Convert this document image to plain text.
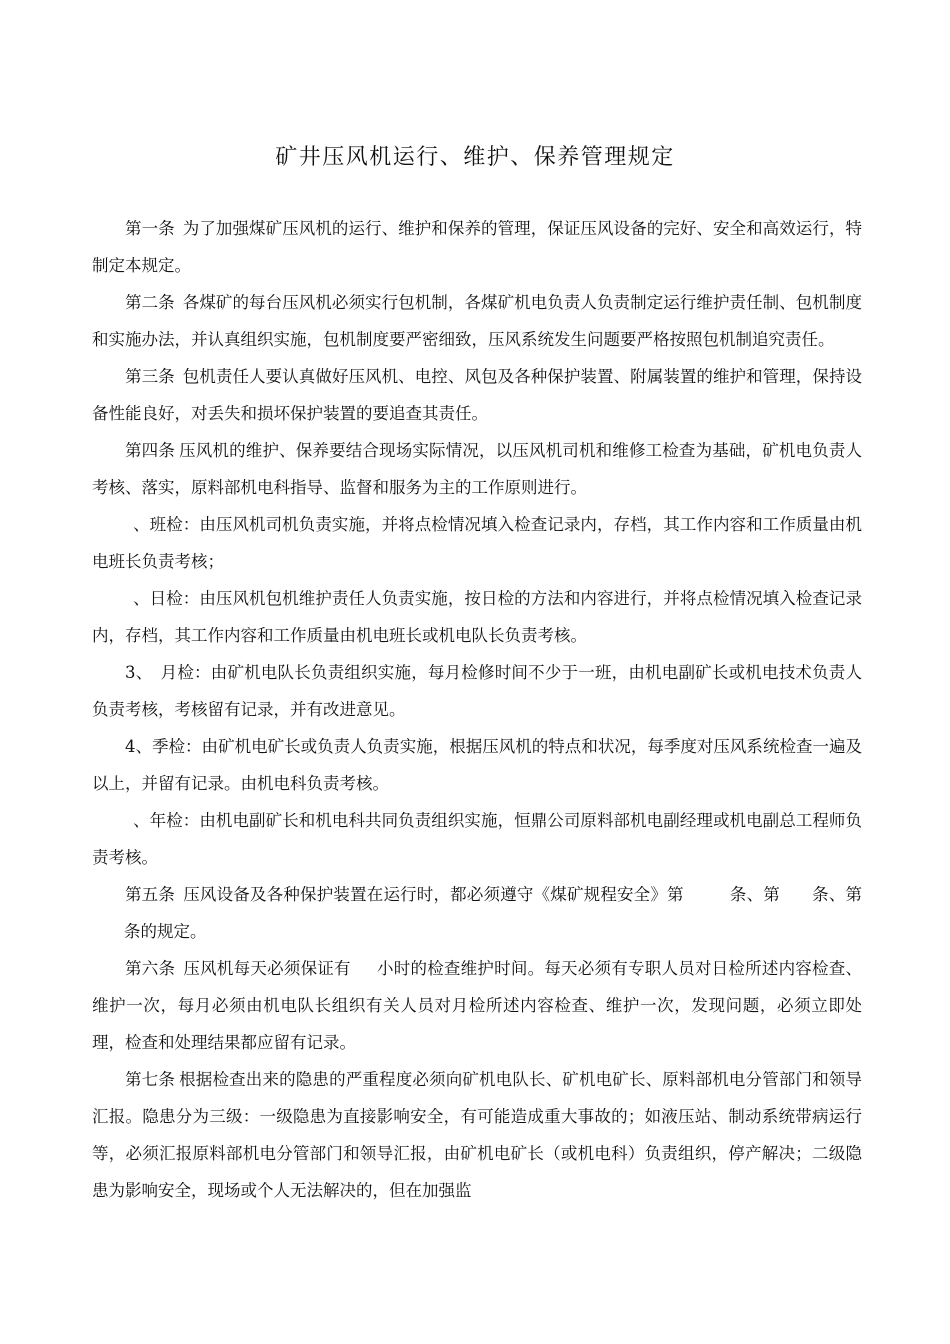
矿井压风机运行、维护、保养管理规定

第一条 为了加强煤矿压风机的运行、维护和保养的管理，保证压风设备的完好、安全和高效运行，特制定本规定。

第二条 各煤矿的每台压风机必须实行包机制，各煤矿机电负责人负责制定运行维护责任制、包机制度和实施办法，并认真组织实施，包机制度要严密细致，压风系统发生问题要严格按照包机制追究责任。

第三条 包机责任人要认真做好压风机、电控、风包及各种保护装置、附属装置的维护和管理，保持设备性能良好，对丢失和损坏保护装置的要追查其责任。

第四条 压风机的维护、保养要结合现场实际情况，以压风机司机和维修工检查为基础，矿机电负责人考核、落实，原料部机电科指导、监督和服务为主的工作原则进行。

、班检：由压风机司机负责实施，并将点检情况填入检查记录内，存档，其工作内容和工作质量由机电班长负责考核；

、日检：由压风机包机维护责任人负责实施，按日检的方法和内容进行，并将点检情况填入检查记录内，存档，其工作内容和工作质量由机电班长或机电队长负责考核。

3、 月检：由矿机电队长负责组织实施，每月检修时间不少于一班，由机电副矿长或机电技术负责人负责考核，考核留有记录，并有改进意见。

4、季检：由矿机电矿长或负责人负责实施，根据压风机的特点和状况，每季度对压风系统检查一遍及以上，并留有记录。由机电科负责考核。

、年检：由机电副矿长和机电科共同负责组织实施，恒鼎公司原料部机电副经理或机电副总工程师负责考核。

第五条 压风设备及各种保护装置在运行时，都必须遵守《煤矿规程安全》第	条、第 条、第条的规定。

第六条 压风机每天必须保证有 小时的检查维护时间。每天必须有专职人员对日检所述内容检查、维护一次，每月必须由机电队长组织有关人员对月检所述内容检查、维护一次，发现问题，必须立即处理，检查和处理结果都应留有记录。

第七条 根据检查出来的隐患的严重程度必须向矿机电队长、矿机电矿长、原料部机电分管部门和领导汇报。隐患分为三级：一级隐患为直接影响安全，有可能造成重大事故的；如液压站、制动系统带病运行等，必须汇报原料部机电分管部门和领导汇报，由矿机电矿长（或机电科）负责组织，停产解决；二级隐患为影响安全，现场或个人无法解决的，但在加强监
